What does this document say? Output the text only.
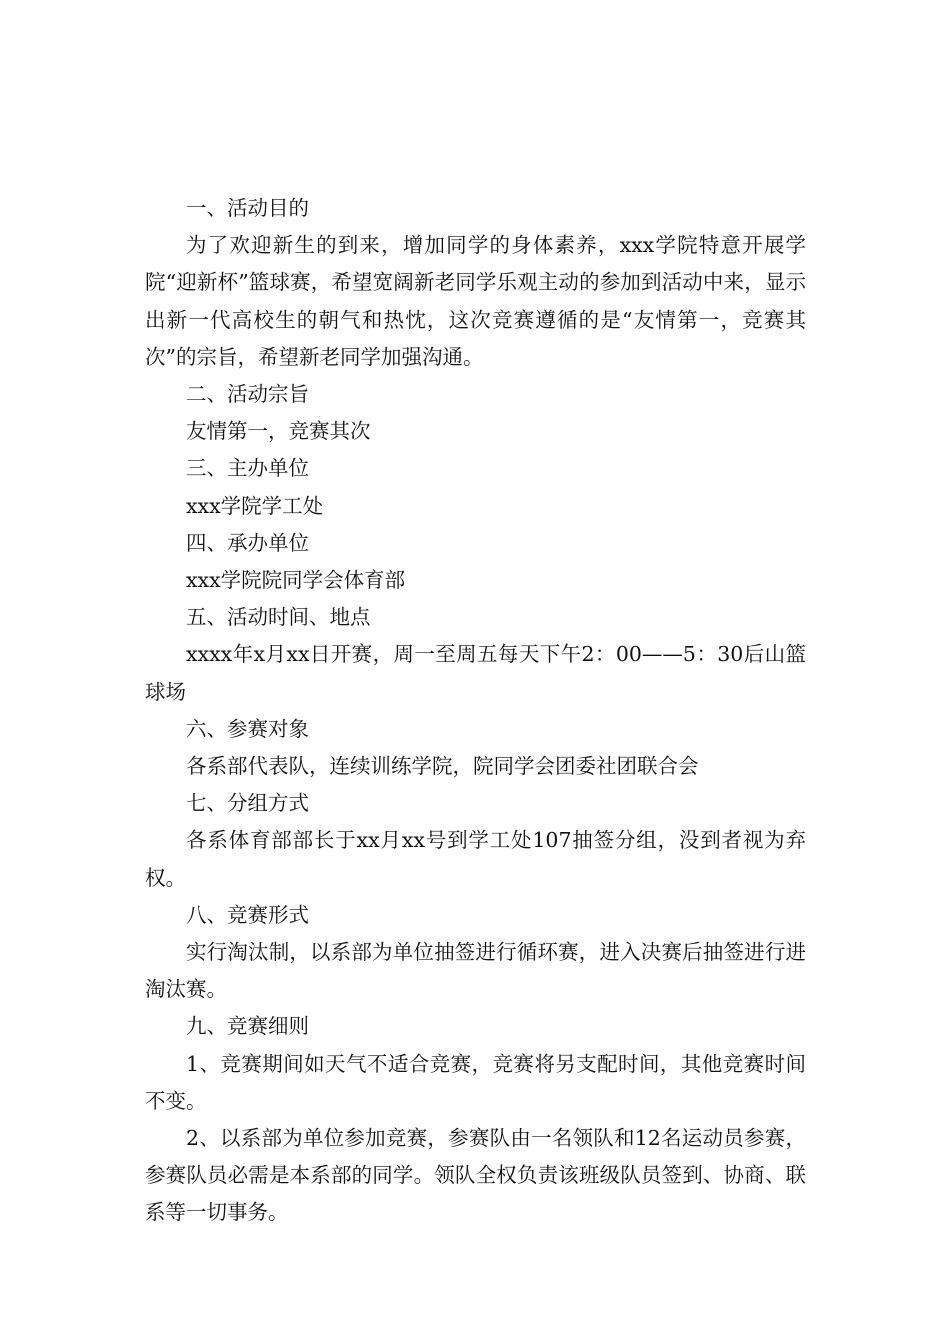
一、活动目的

为了欢迎新生的到来，增加同学的身体素养，xxx学院特意开展学院“迎新杯”篮球赛，希望宽阔新老同学乐观主动的参加到活动中来，显示出新一代高校生的朝气和热忱，这次竞赛遵循的是“友情第一，竞赛其次”的宗旨，希望新老同学加强沟通。

二、活动宗旨

友情第一，竞赛其次

三、主办单位

xxx学院学工处

四、承办单位

xxx学院院同学会体育部

五、活动时间、地点

xxxx年x月xx日开赛，周一至周五每天下午2：00——5：30后山篮球场

六、参赛对象

各系部代表队，连续训练学院，院同学会团委社团联合会

七、分组方式

各系体育部部长于xx月xx号到学工处107抽签分组，没到者视为弃权。

八、竞赛形式

实行淘汰制，以系部为单位抽签进行循环赛，进入决赛后抽签进行进淘汰赛。

九、竞赛细则

1、竞赛期间如天气不适合竞赛，竞赛将另支配时间，其他竞赛时间不变。

2、以系部为单位参加竞赛，参赛队由一名领队和12名运动员参赛，参赛队员必需是本系部的同学。领队全权负责该班级队员签到、协商、联系等一切事务。
